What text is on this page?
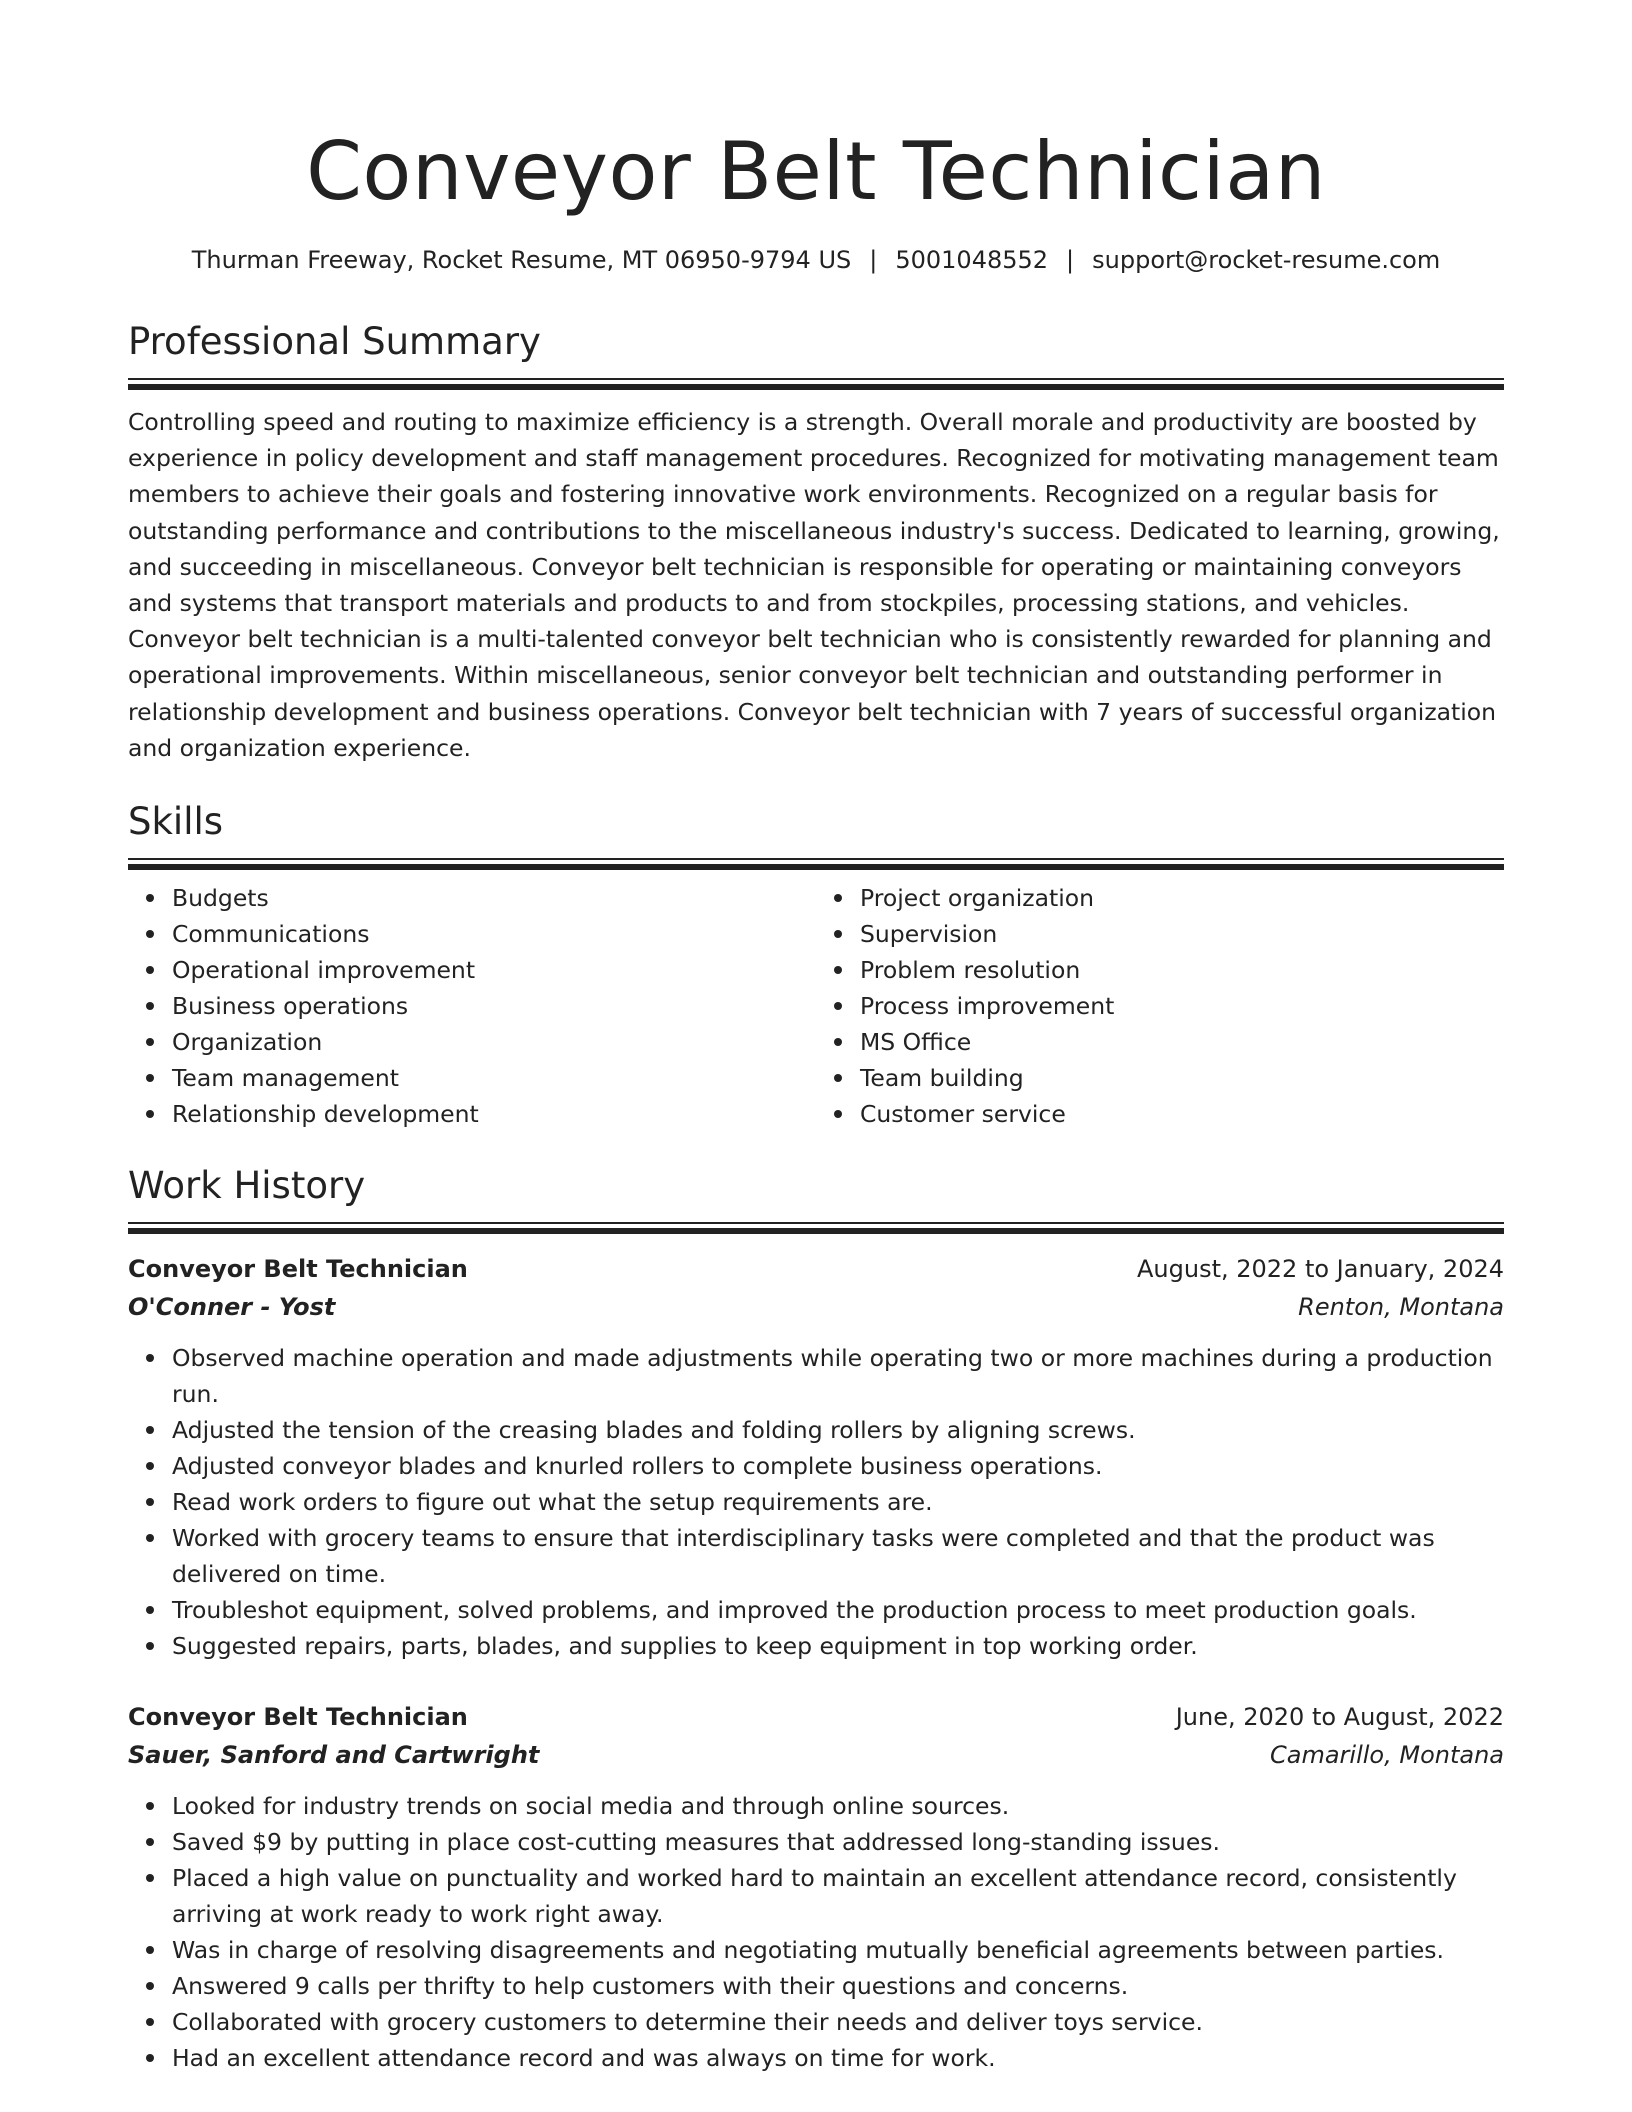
Conveyor Belt Technician
Thurman Freeway, Rocket Resume, MT 06950-9794 US | 5001048552 | support@rocket-resume.com
Professional Summary

Controlling speed and routing to maximize efficiency is a strength. Overall morale and productivity are boosted by experience in policy development and staff management procedures. Recognized for motivating management team members to achieve their goals and fostering innovative work environments. Recognized on a regular basis for outstanding performance and contributions to the miscellaneous industry's success. Dedicated to learning, growing, and succeeding in miscellaneous. Conveyor belt technician is responsible for operating or maintaining conveyors and systems that transport materials and products to and from stockpiles, processing stations, and vehicles. Conveyor belt technician is a multi-talented conveyor belt technician who is consistently rewarded for planning and operational improvements. Within miscellaneous, senior conveyor belt technician and outstanding performer in relationship development and business operations. Conveyor belt technician with 7 years of successful organization and organization experience.

Skills
Budgets
Communications
Operational improvement
Business operations
Organization
Team management
Relationship development
Project organization
Supervision
Problem resolution
Process improvement
MS Office
Team building
Customer service
Work History
Conveyor Belt Technician	August, 2022 to January, 2024
O'Conner - Yost	Renton, Montana
Observed machine operation and made adjustments while operating two or more machines during a production run.
Adjusted the tension of the creasing blades and folding rollers by aligning screws.
Adjusted conveyor blades and knurled rollers to complete business operations.
Read work orders to figure out what the setup requirements are.
Worked with grocery teams to ensure that interdisciplinary tasks were completed and that the product was delivered on time.
Troubleshot equipment, solved problems, and improved the production process to meet production goals.
Suggested repairs, parts, blades, and supplies to keep equipment in top working order.
Conveyor Belt Technician	June, 2020 to August, 2022
Sauer, Sanford and Cartwright	Camarillo, Montana
Looked for industry trends on social media and through online sources.
Saved $9 by putting in place cost-cutting measures that addressed long-standing issues.
Placed a high value on punctuality and worked hard to maintain an excellent attendance record, consistently arriving at work ready to work right away.
Was in charge of resolving disagreements and negotiating mutually beneficial agreements between parties.
Answered 9 calls per thrifty to help customers with their questions and concerns.
Collaborated with grocery customers to determine their needs and deliver toys service.
Had an excellent attendance record and was always on time for work.
